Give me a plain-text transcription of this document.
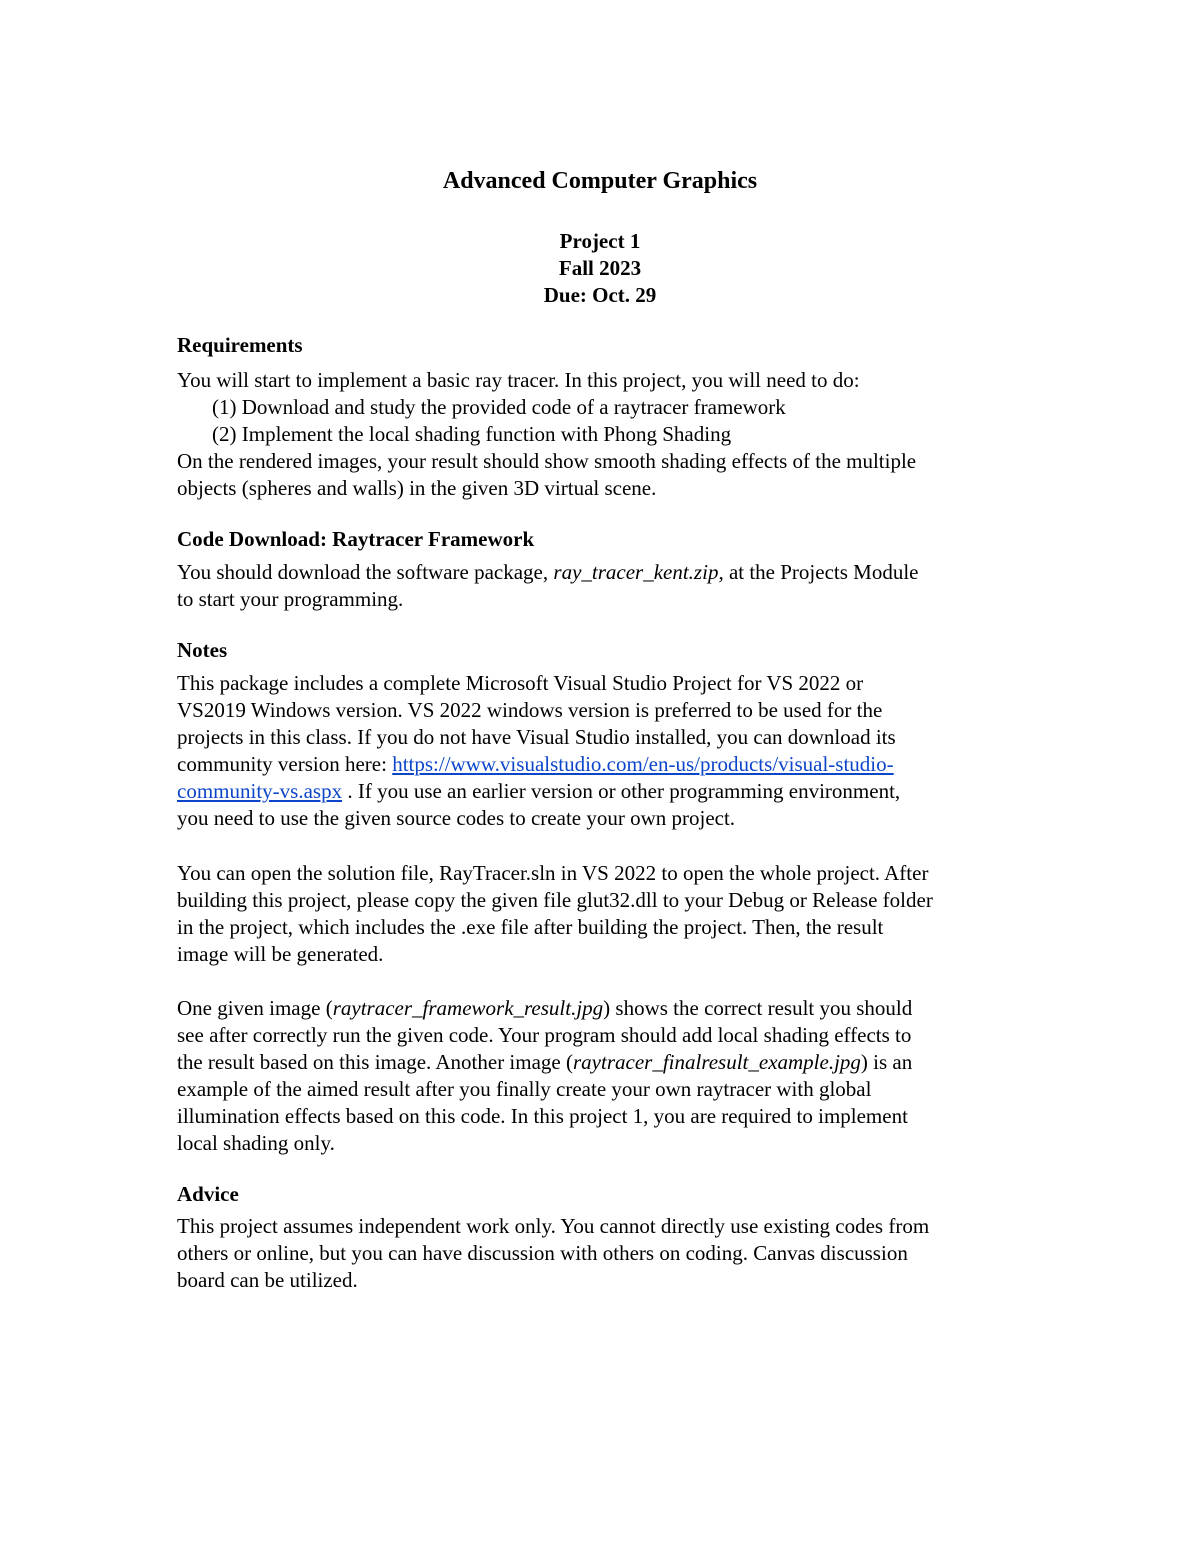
Advanced Computer Graphics
Project 1
Fall 2023
Due: Oct. 29
Requirements
You will start to implement a basic ray tracer. In this project, you will need to do:
(1) Download and study the provided code of a raytracer framework
(2) Implement the local shading function with Phong Shading
On the rendered images, your result should show smooth shading effects of the multiple
objects (spheres and walls) in the given 3D virtual scene.
Code Download: Raytracer Framework
You should download the software package, ray_tracer_kent.zip, at the Projects Module
to start your programming.
Notes
This package includes a complete Microsoft Visual Studio Project for VS 2022 or
VS2019 Windows version. VS 2022 windows version is preferred to be used for the
projects in this class. If you do not have Visual Studio installed, you can download its
community version here: https://www.visualstudio.com/en-us/products/visual-studio-
community-vs.aspx . If you use an earlier version or other programming environment,
you need to use the given source codes to create your own project.
You can open the solution file, RayTracer.sln in VS 2022 to open the whole project. After
building this project, please copy the given file glut32.dll to your Debug or Release folder
in the project, which includes the .exe file after building the project. Then, the result
image will be generated.
One given image (raytracer_framework_result.jpg) shows the correct result you should
see after correctly run the given code. Your program should add local shading effects to
the result based on this image. Another image (raytracer_finalresult_example.jpg) is an
example of the aimed result after you finally create your own raytracer with global
illumination effects based on this code. In this project 1, you are required to implement
local shading only.
Advice
This project assumes independent work only. You cannot directly use existing codes from
others or online, but you can have discussion with others on coding. Canvas discussion
board can be utilized.
